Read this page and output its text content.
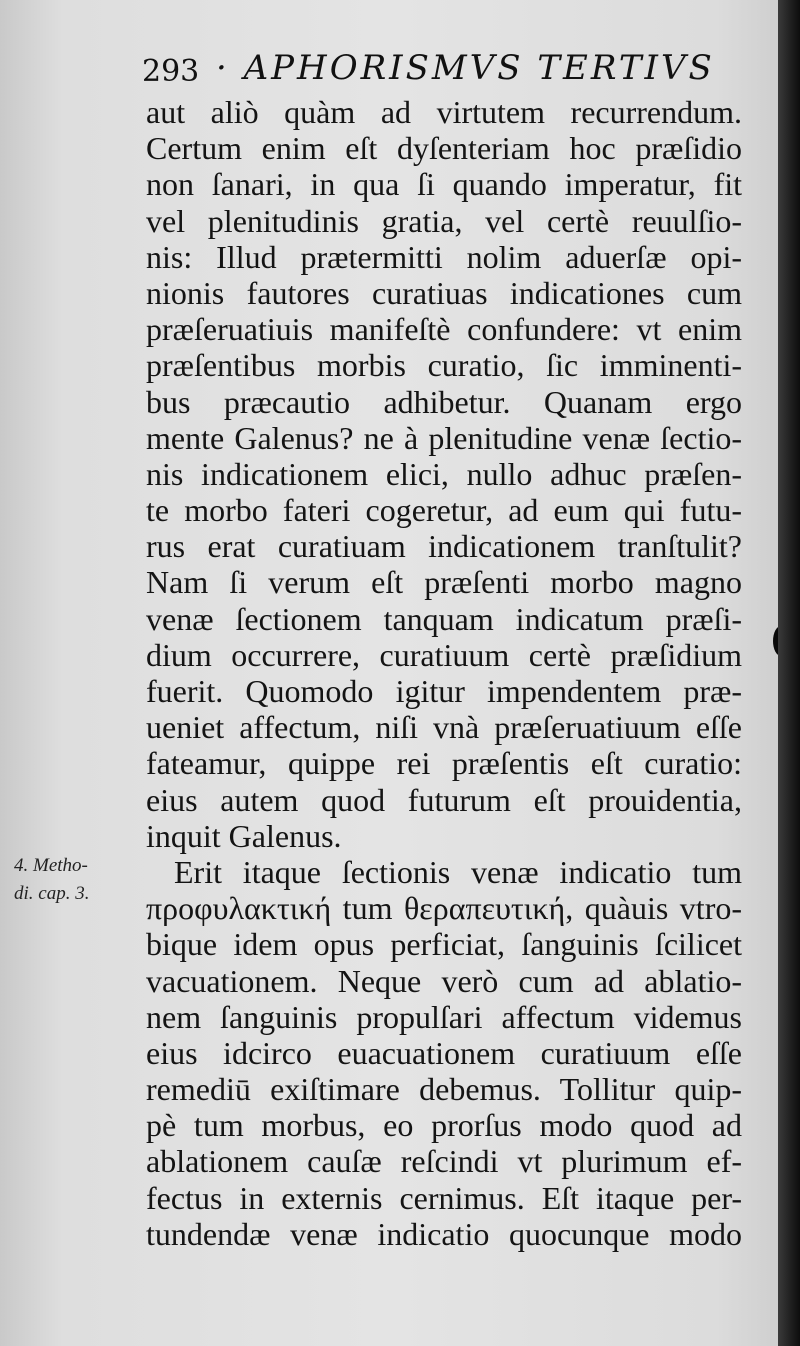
293 · APHORISMVS TERTIVS
aut aliò quàm ad virtutem recurrendum.
Certum enim eſt dyſenteriam hoc præſidio
non ſanari, in qua ſi quando imperatur, fit
vel plenitudinis gratia, vel certè reuulſio-
nis: Illud prætermitti nolim aduerſæ opi-
nionis fautores curatiuas indicationes cum
præſeruatiuis manifeſtè confundere: vt enim
præſentibus morbis curatio, ſic imminenti-
bus præcautio adhibetur. Quanam ergo
mente Galenus? ne à plenitudine venæ ſectio-
nis indicationem elici, nullo adhuc præſen-
te morbo fateri cogeretur, ad eum qui futu-
rus erat curatiuam indicationem tranſtulit?
Nam ſi verum eſt præſenti morbo magno
venæ ſectionem tanquam indicatum præſi-
dium occurrere, curatiuum certè præſidium
fuerit. Quomodo igitur impendentem præ-
ueniet affectum, niſi vnà præſeruatiuum eſſe
fateamur, quippe rei præſentis eſt curatio:
eius autem quod futurum eſt prouidentia,
inquit Galenus.
Erit itaque ſectionis venæ indicatio tum
προφυλακτική tum θεραπευτική, quàuis vtro-
bique idem opus perficiat, ſanguinis ſcilicet
vacuationem. Neque verò cum ad ablatio-
nem ſanguinis propulſari affectum videmus
eius idcirco euacuationem curatiuum eſſe
remediū exiſtimare debemus. Tollitur quip-
pè tum morbus, eo prorſus modo quod ad
ablationem cauſæ reſcindi vt plurimum ef-
fectus in externis cernimus. Eſt itaque per-
tundendæ venæ indicatio quocunque modo
4. Metho-
di. cap. 3.
